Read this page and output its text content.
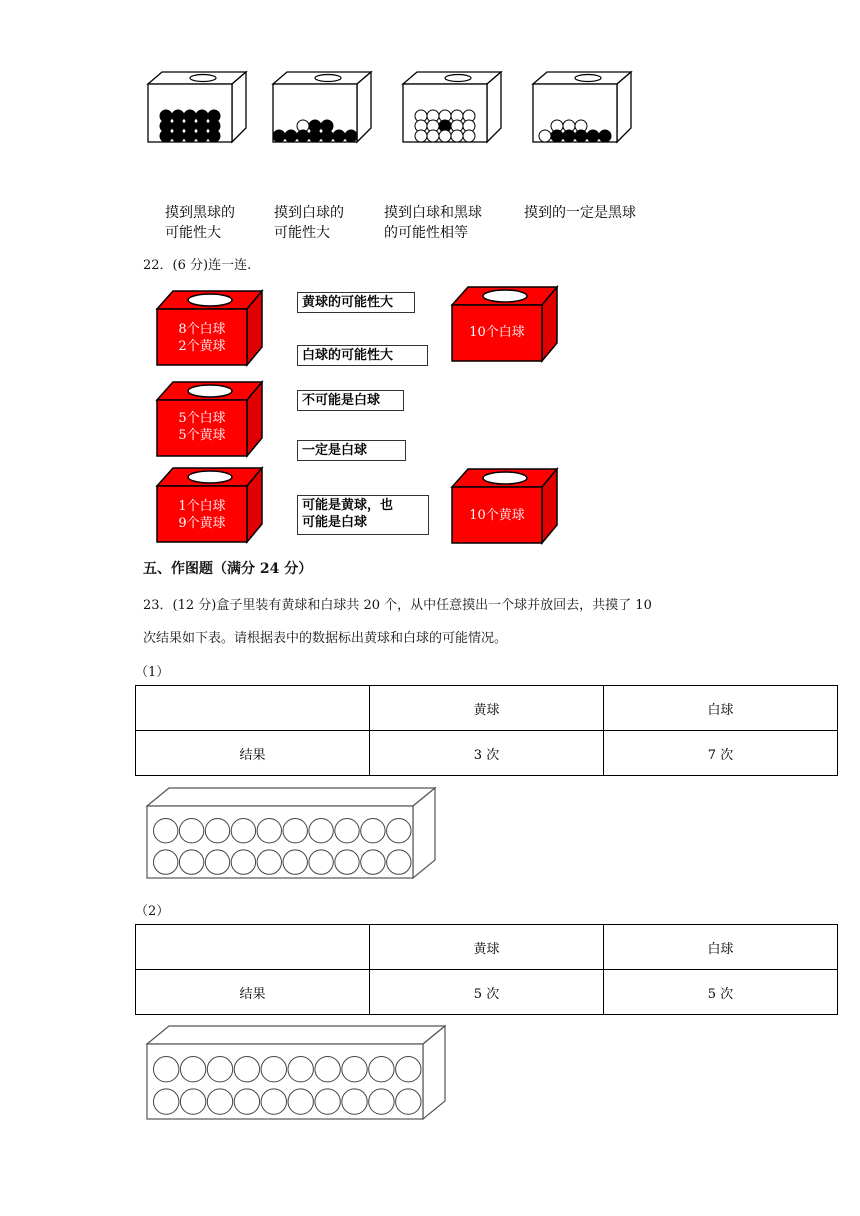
摸到黑球的
可能性大
摸到白球的
可能性大
摸到白球和黑球
的可能性相等
摸到的一定是黑球
22．(6 分)连一连.
8个白球
2个黄球
5个白球
5个黄球
1个白球
9个黄球
黄球的可能性大
白球的可能性大
不可能是白球
一定是白球
可能是黄球，也
可能是白球
10个白球
10个黄球
五、作图题（满分 24 分）
23．(12 分)盒子里装有黄球和白球共 20 个，从中任意摸出一个球并放回去，共摸了 10
次结果如下表。请根据表中的数据标出黄球和白球的可能情况。
（1）
	黄球	白球
结果	3 次	7 次
（2）
	黄球	白球
结果	5 次	5 次
